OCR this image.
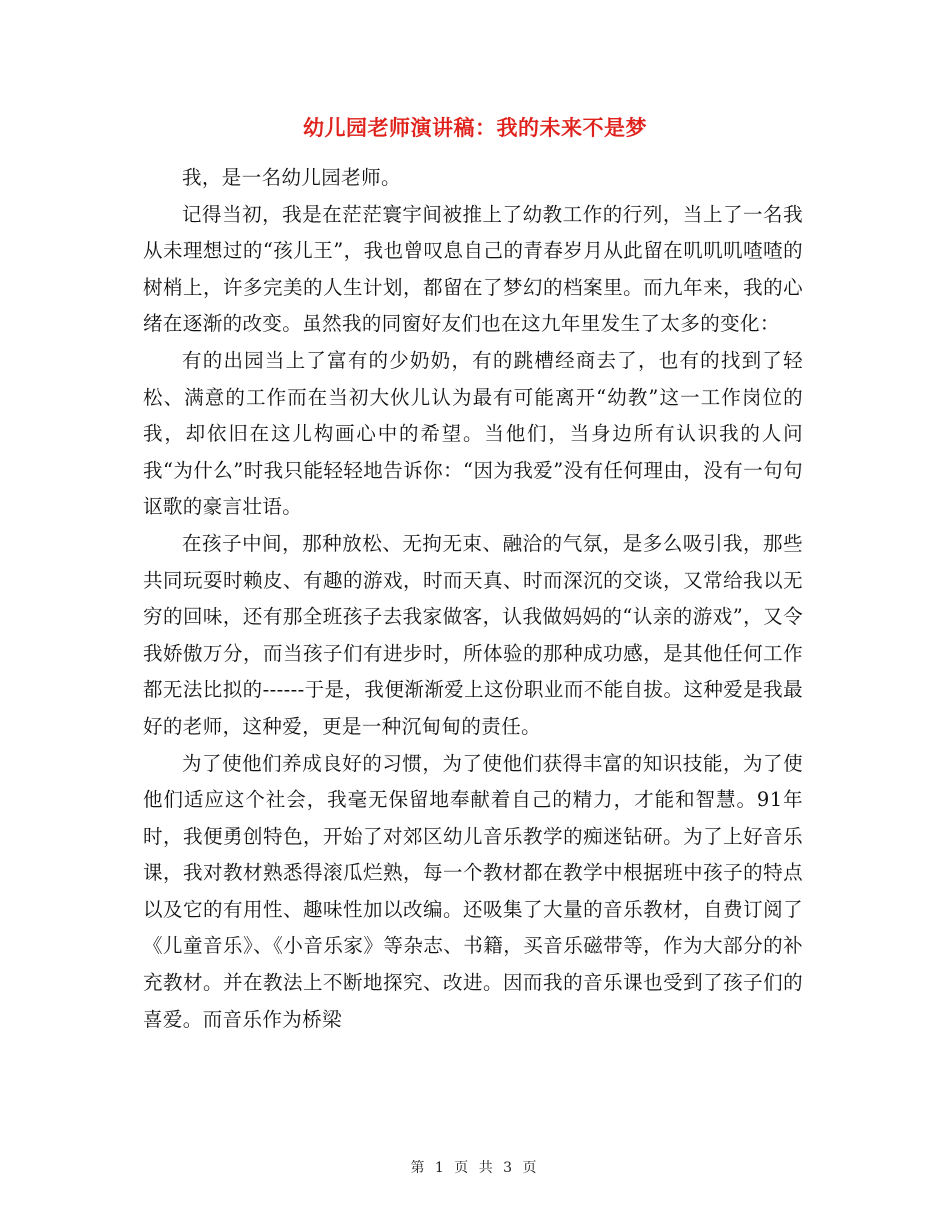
幼儿园老师演讲稿：我的未来不是梦

我，是一名幼儿园老师。

记得当初，我是在茫茫寰宇间被推上了幼教工作的行列，当上了一名我从未理想过的“孩儿王”，我也曾叹息自己的青春岁月从此留在叽叽叽喳喳的树梢上，许多完美的人生计划，都留在了梦幻的档案里。而九年来，我的心绪在逐渐的改变。虽然我的同窗好友们也在这九年里发生了太多的变化：

有的出园当上了富有的少奶奶，有的跳槽经商去了，也有的找到了轻松、满意的工作而在当初大伙儿认为最有可能离开“幼教”这一工作岗位的我，却依旧在这儿构画心中的希望。当他们，当身边所有认识我的人问我“为什么”时我只能轻轻地告诉你：“因为我爱”没有任何理由，没有一句句讴歌的豪言壮语。

在孩子中间，那种放松、无拘无束、融洽的气氛，是多么吸引我，那些共同玩耍时赖皮、有趣的游戏，时而天真、时而深沉的交谈，又常给我以无穷的回味，还有那全班孩子去我家做客，认我做妈妈的“认亲的游戏”，又令我娇傲万分，而当孩子们有进步时，所体验的那种成功感，是其他任何工作都无法比拟的------于是，我便渐渐爱上这份职业而不能自拔。这种爱是我最好的老师，这种爱，更是一种沉甸甸的责任。

为了使他们养成良好的习惯，为了使他们获得丰富的知识技能，为了使他们适应这个社会，我毫无保留地奉献着自己的精力，才能和智慧。91年时，我便勇创特色，开始了对郊区幼儿音乐教学的痴迷钻研。为了上好音乐课，我对教材熟悉得滚瓜烂熟，每一个教材都在教学中根据班中孩子的特点以及它的有用性、趣味性加以改编。还吸集了大量的音乐教材，自费订阅了《儿童音乐》、《小音乐家》等杂志、书籍，买音乐磁带等，作为大部分的补充教材。并在教法上不断地探究、改进。因而我的音乐课也受到了孩子们的喜爱。而音乐作为桥梁

第 1 页 共 3 页
